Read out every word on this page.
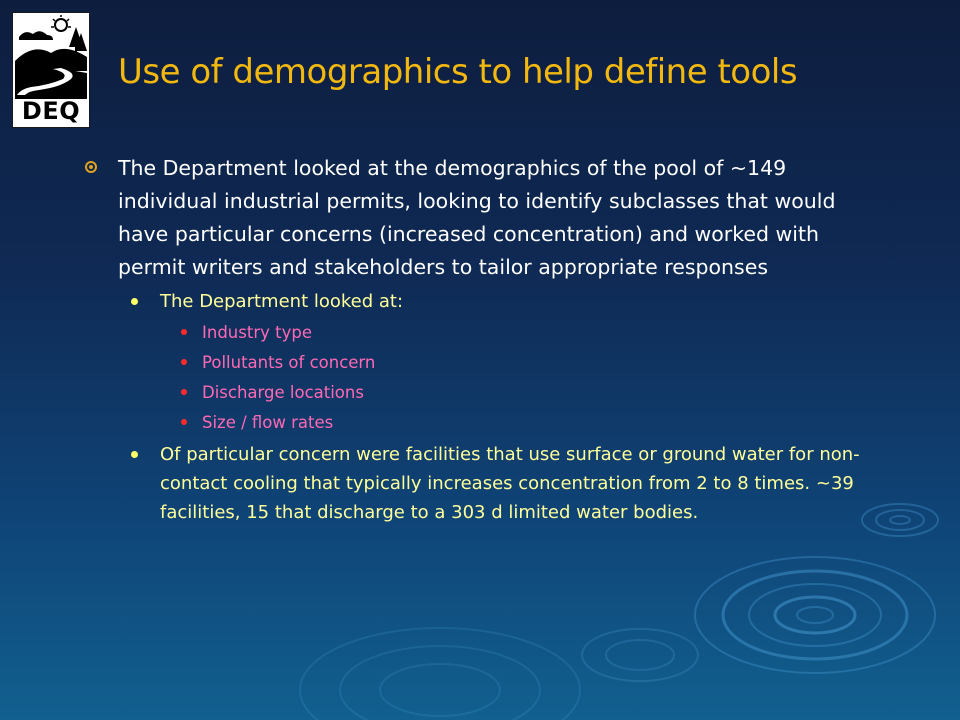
DEQ
Use of demographics to help define tools
The Department looked at the demographics of the pool of ~149 individual industrial permits, looking to identify subclasses that would have particular concerns (increased concentration) and worked with permit writers and stakeholders to tailor appropriate responses
The Department looked at:
Industry type
Pollutants of concern
Discharge locations
Size / flow rates
Of particular concern were facilities that use surface or ground water for non-contact cooling that typically increases concentration from 2 to 8 times. ~39 facilities, 15 that discharge to a 303 d limited water bodies.
